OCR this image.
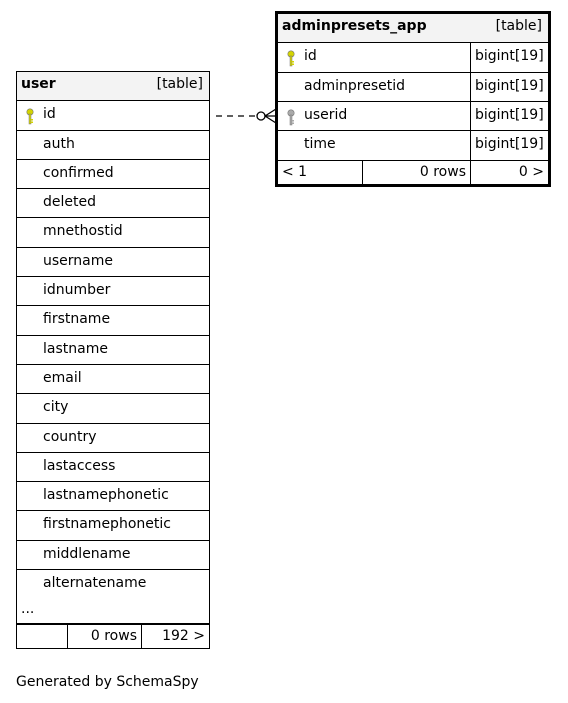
user	[table]
id
auth
confirmed
deleted
mnethostid
username
idnumber
firstname
lastname
email
city
country
lastaccess
lastnamephonetic
firstnamephonetic
middlename
alternatename
...
0 rows	192 >
adminpresets_app	[table]
id	bigint[19]
adminpresetid	bigint[19]
userid	bigint[19]
time	bigint[19]
< 1	0 rows	0 >
Generated by SchemaSpy
